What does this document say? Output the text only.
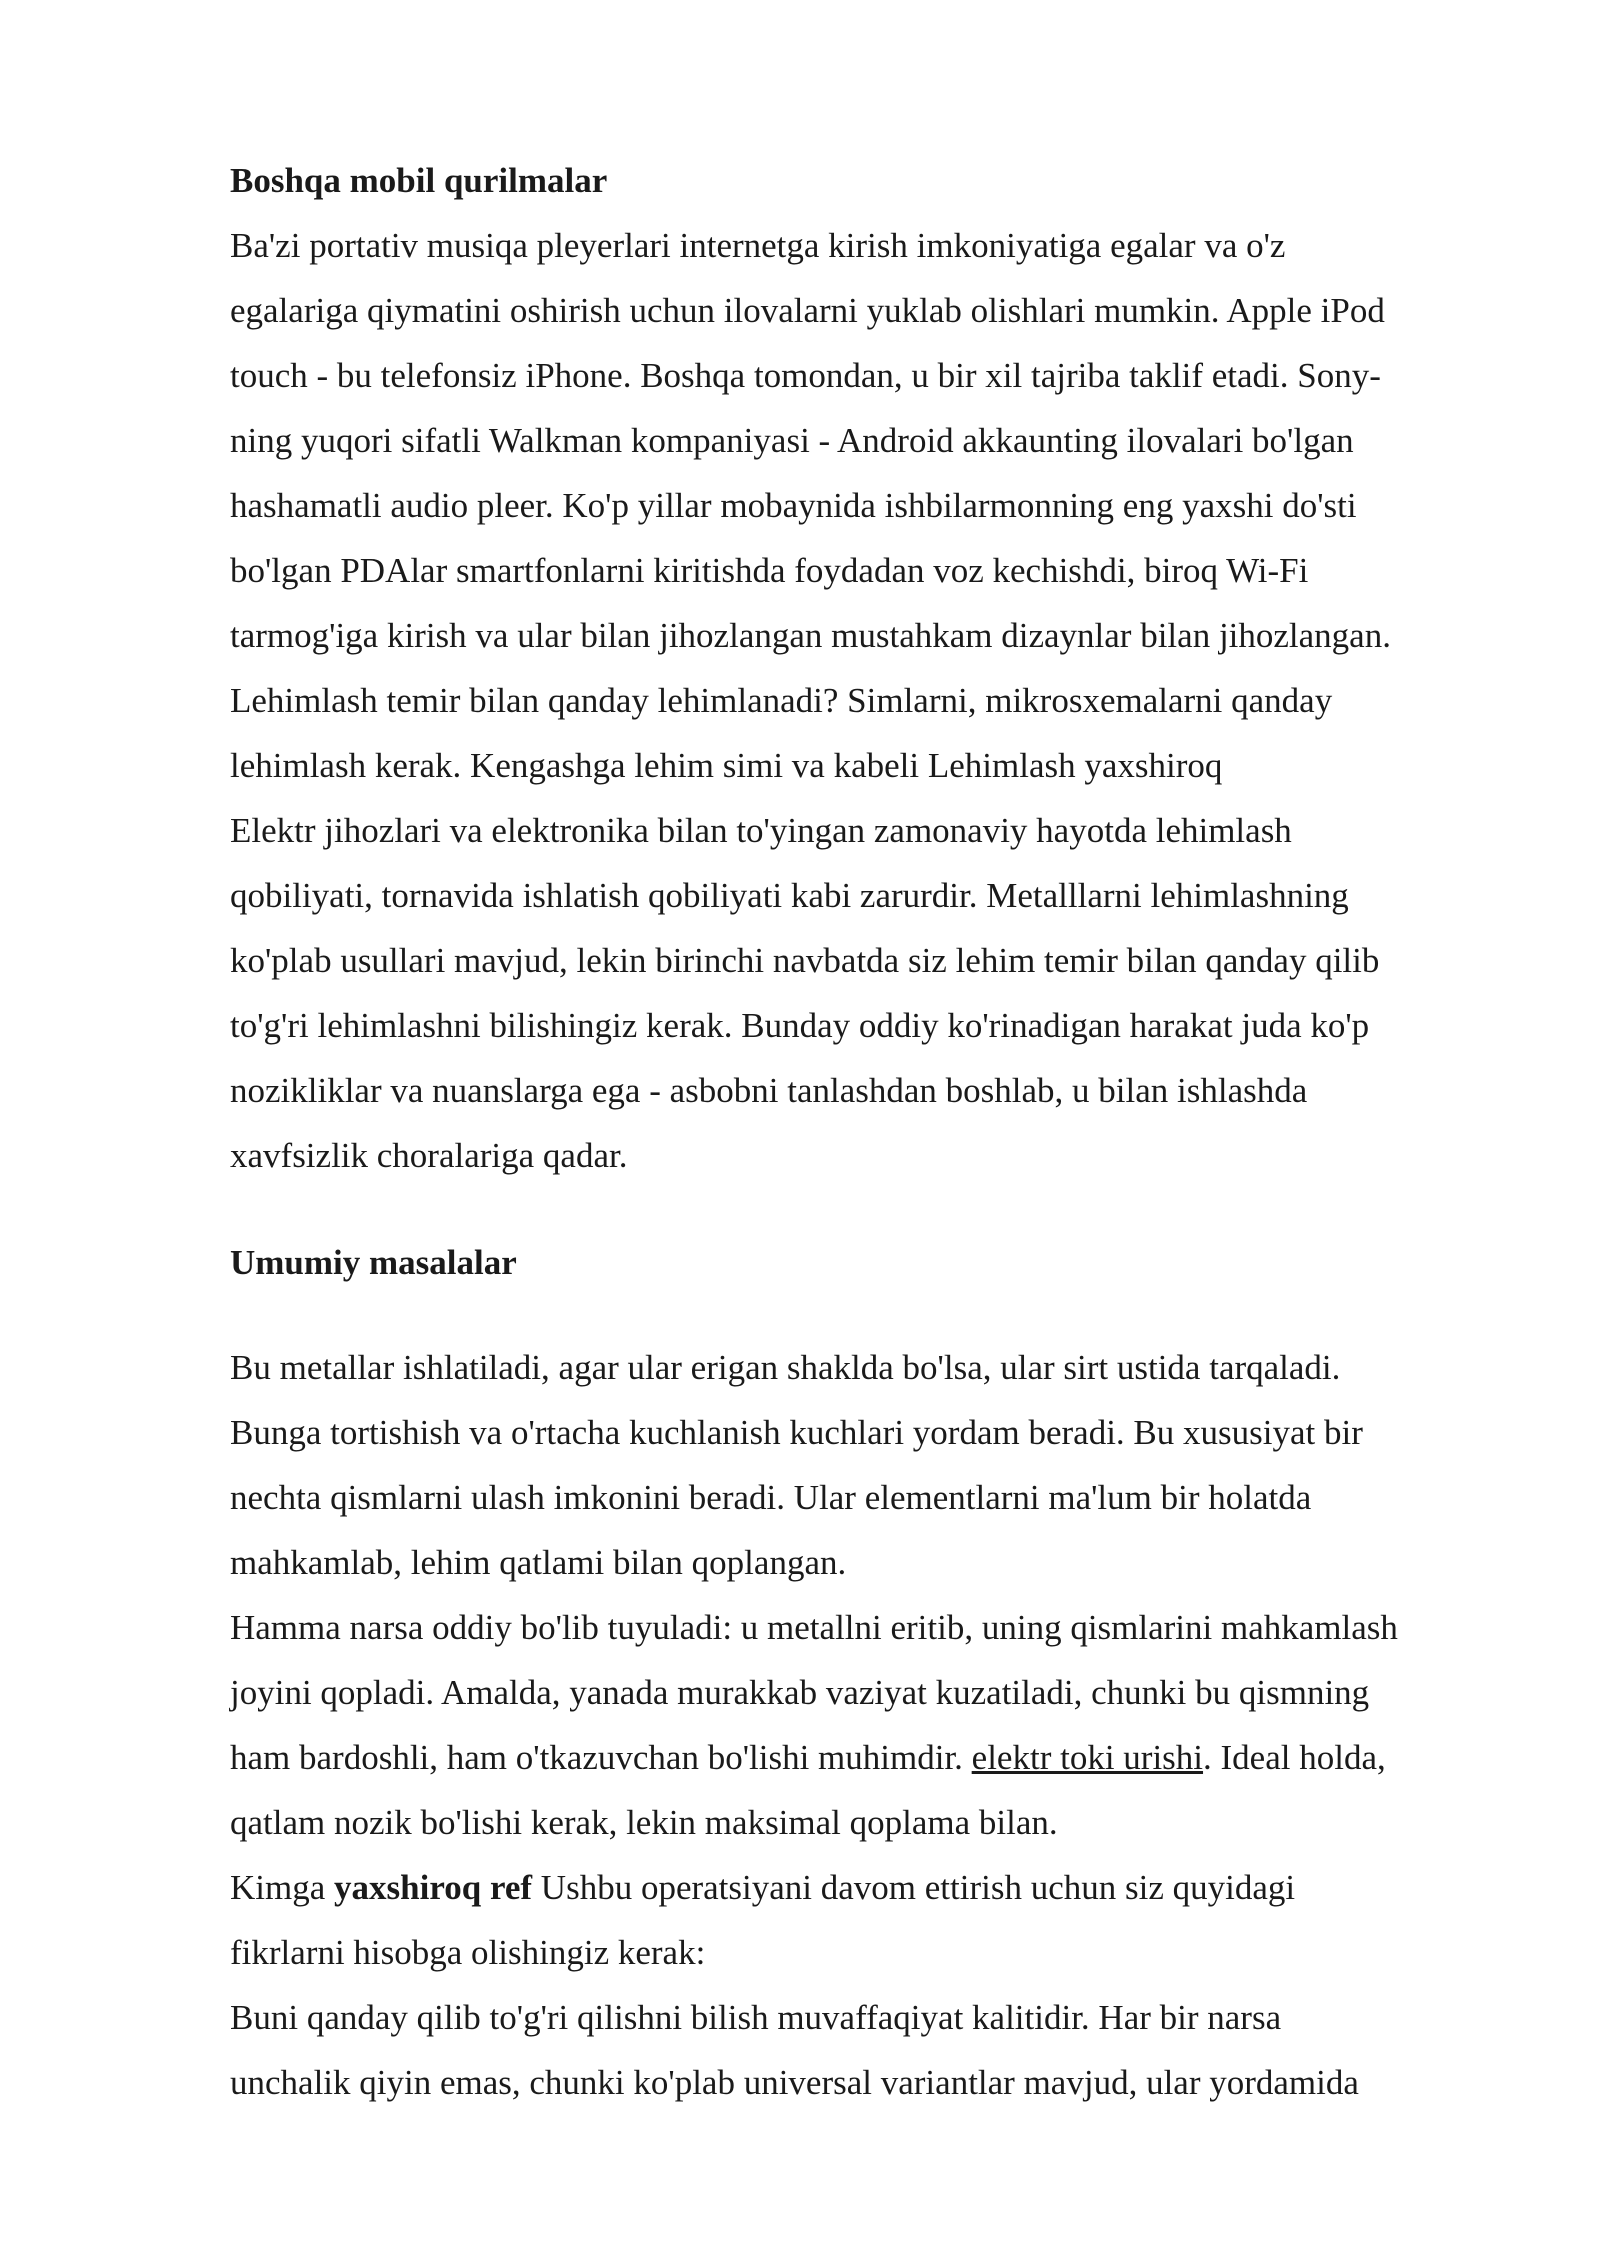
Boshqa mobil qurilmalar
Ba'zi portativ musiqa pleyerlari internetga kirish imkoniyatiga egalar va o'z
egalariga qiymatini oshirish uchun ilovalarni yuklab olishlari mumkin. Apple iPod
touch - bu telefonsiz iPhone. Boshqa tomondan, u bir xil tajriba taklif etadi. Sony-
ning yuqori sifatli Walkman kompaniyasi - Android akkaunting ilovalari bo'lgan
hashamatli audio pleer. Ko'p yillar mobaynida ishbilarmonning eng yaxshi do'sti
bo'lgan PDAlar smartfonlarni kiritishda foydadan voz kechishdi, biroq Wi-Fi
tarmog'iga kirish va ular bilan jihozlangan mustahkam dizaynlar bilan jihozlangan.
Lehimlash temir bilan qanday lehimlanadi? Simlarni, mikrosxemalarni qanday
lehimlash kerak. Kengashga lehim simi va kabeli Lehimlash yaxshiroq
Elektr jihozlari va elektronika bilan to'yingan zamonaviy hayotda lehimlash
qobiliyati, tornavida ishlatish qobiliyati kabi zarurdir. Metalllarni lehimlashning
ko'plab usullari mavjud, lekin birinchi navbatda siz lehim temir bilan qanday qilib
to'g'ri lehimlashni bilishingiz kerak. Bunday oddiy ko'rinadigan harakat juda ko'p
nozikliklar va nuanslarga ega - asbobni tanlashdan boshlab, u bilan ishlashda
xavfsizlik choralariga qadar.
Umumiy masalalar
Bu metallar ishlatiladi, agar ular erigan shaklda bo'lsa, ular sirt ustida tarqaladi.
Bunga tortishish va o'rtacha kuchlanish kuchlari yordam beradi. Bu xususiyat bir
nechta qismlarni ulash imkonini beradi. Ular elementlarni ma'lum bir holatda
mahkamlab, lehim qatlami bilan qoplangan.
Hamma narsa oddiy bo'lib tuyuladi: u metallni eritib, uning qismlarini mahkamlash
joyini qopladi. Amalda, yanada murakkab vaziyat kuzatiladi, chunki bu qismning
ham bardoshli, ham o'tkazuvchan bo'lishi muhimdir. elektr toki urishi. Ideal holda,
qatlam nozik bo'lishi kerak, lekin maksimal qoplama bilan.
Kimga yaxshiroq ref Ushbu operatsiyani davom ettirish uchun siz quyidagi
fikrlarni hisobga olishingiz kerak:
Buni qanday qilib to'g'ri qilishni bilish muvaffaqiyat kalitidir. Har bir narsa
unchalik qiyin emas, chunki ko'plab universal variantlar mavjud, ular yordamida
